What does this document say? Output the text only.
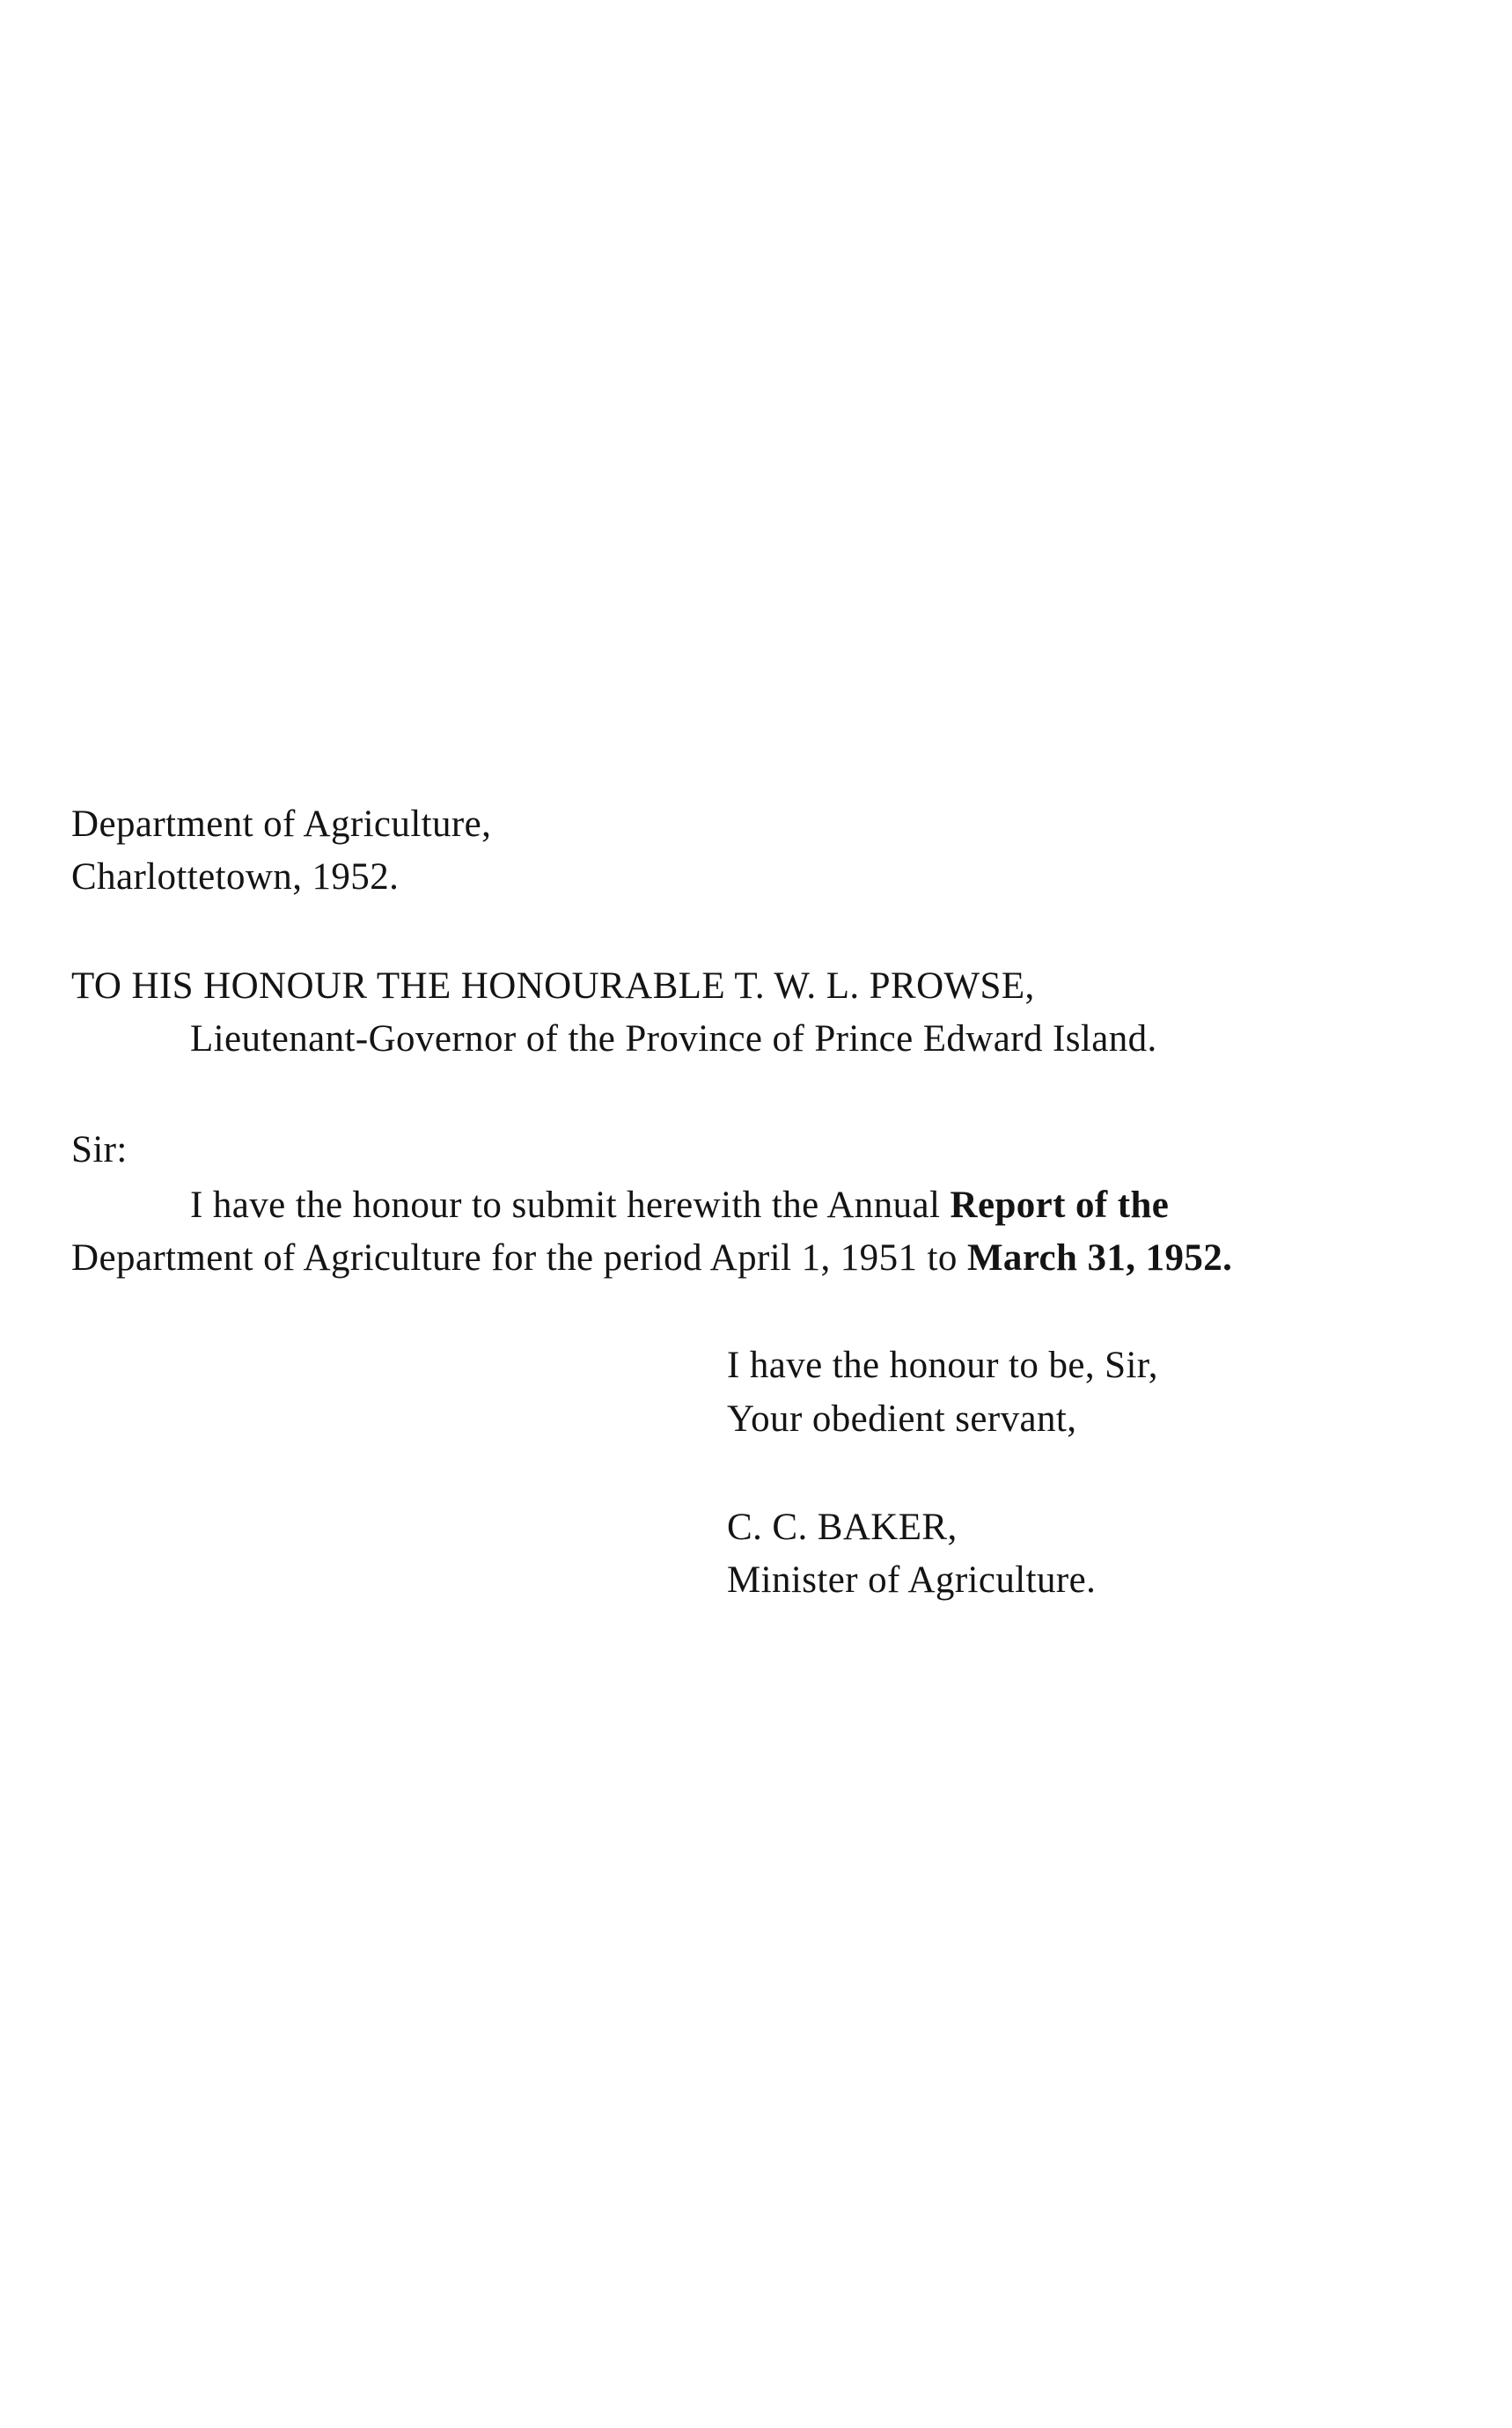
Department of Agriculture,
Charlottetown, 1952.
TO HIS HONOUR THE HONOURABLE T. W. L. PROWSE,
Lieutenant-Governor of the Province of Prince Edward Island.
Sir:
I have the honour to submit herewith the Annual Report of the
Department of Agriculture for the period April 1, 1951 to March 31, 1952.
I have the honour to be, Sir,
Your obedient servant,
C. C. BAKER,
Minister of Agriculture.
